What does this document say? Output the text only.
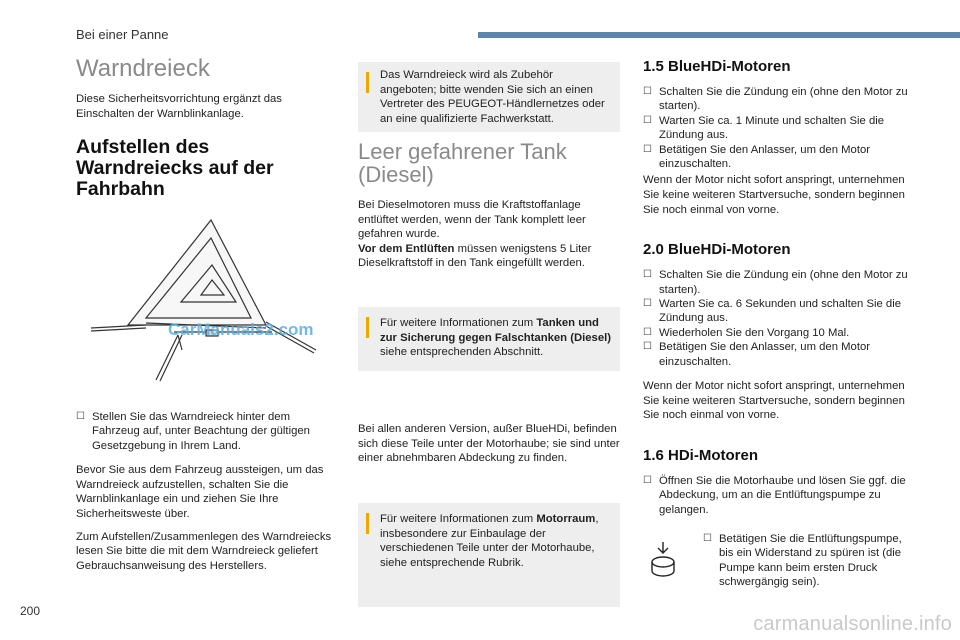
Bei einer Panne
Warndreieck

Diese Sicherheitsvorrichtung ergänzt das Einschalten der Warnblinkanlage.

Aufstellen des Warndreiecks auf der Fahrbahn
☐ Stellen Sie das Warndreieck hinter dem Fahrzeug auf, unter Beachtung der gültigen Gesetzgebung in Ihrem Land.

Bevor Sie aus dem Fahrzeug aussteigen, um das Warndreieck aufzustellen, schalten Sie die Warnblinkanlage ein und ziehen Sie Ihre Sicherheitsweste über.

Zum Aufstellen/Zusammenlegen des Warndreiecks lesen Sie bitte die mit dem Warndreieck geliefert Gebrauchsanweisung des Herstellers.

Das Warndreieck wird als Zubehör angeboten; bitte wenden Sie sich an einen Vertreter des PEUGEOT-Händlernetzes oder an eine qualifizierte Fachwerkstatt.
Leer gefahrener Tank (Diesel)

Bei Dieselmotoren muss die Kraftstoffanlage entlüftet werden, wenn der Tank komplett leer gefahren wurde.

Vor dem Entlüften müssen wenigstens 5 Liter Dieselkraftstoff in den Tank eingefüllt werden.

Für weitere Informationen zum Tanken und zur Sicherung gegen Falschtanken (Diesel) siehe entsprechenden Abschnitt.

Bei allen anderen Version, außer BlueHDi, befinden sich diese Teile unter der Motorhaube; sie sind unter einer abnehmbaren Abdeckung zu finden.

Für weitere Informationen zum Motorraum, insbesondere zur Einbaulage der verschiedenen Teile unter der Motorhaube, siehe entsprechende Rubrik.
1.5 BlueHDi-Motoren
☐ Schalten Sie die Zündung ein (ohne den Motor zu starten).
☐ Warten Sie ca. 1 Minute und schalten Sie die Zündung aus.
☐ Betätigen Sie den Anlasser, um den Motor einzuschalten.

Wenn der Motor nicht sofort anspringt, unternehmen Sie keine weiteren Startversuche, sondern beginnen Sie noch einmal von vorne.

2.0 BlueHDi-Motoren
☐ Schalten Sie die Zündung ein (ohne den Motor zu starten).
☐ Warten Sie ca. 6 Sekunden und schalten Sie die Zündung aus.
☐ Wiederholen Sie den Vorgang 10 Mal.
☐ Betätigen Sie den Anlasser, um den Motor einzuschalten.

Wenn der Motor nicht sofort anspringt, unternehmen Sie keine weiteren Startversuche, sondern beginnen Sie noch einmal von vorne.

1.6 HDi-Motoren
☐ Öffnen Sie die Motorhaube und lösen Sie ggf. die Abdeckung, um an die Entlüftungspumpe zu gelangen.
☐ Betätigen Sie die Entlüftungspumpe, bis ein Widerstand zu spüren ist (die Pumpe kann beim ersten Druck schwergängig sein).
200
CarManuals2.com
carmanualsonline.info
